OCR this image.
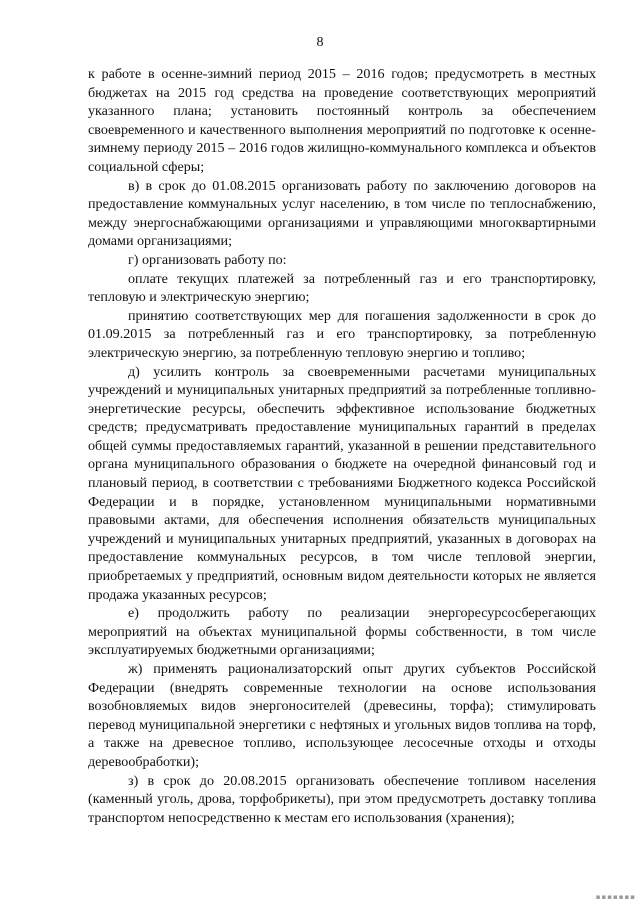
8

к работе в осенне-зимний период 2015 – 2016 годов; предусмотреть в местных бюджетах на 2015 год средства на проведение соответствующих мероприятий указанного плана; установить постоянный контроль за обеспечением своевременного и качественного выполнения мероприятий по подготовке к осенне-зимнему периоду 2015 – 2016 годов жилищно-коммунального комплекса и объектов социальной сферы;

в) в срок до 01.08.2015 организовать работу по заключению договоров на предоставление коммунальных услуг населению, в том числе по теплоснабжению, между энергоснабжающими организациями и управляющими многоквартирными домами организациями;

г) организовать работу по:

оплате текущих платежей за потребленный газ и его транспортировку, тепловую и электрическую энергию;

принятию соответствующих мер для погашения задолженности в срок до 01.09.2015 за потребленный газ и его транспортировку, за потребленную электрическую энергию, за потребленную тепловую энергию и топливо;

д) усилить контроль за своевременными расчетами муниципальных учреждений и муниципальных унитарных предприятий за потребленные топливно-энергетические ресурсы, обеспечить эффективное использование бюджетных средств; предусматривать предоставление муниципальных гарантий в пределах общей суммы предоставляемых гарантий, указанной в решении представительного органа муниципального образования о бюджете на очередной финансовый год и плановый период, в соответствии с требованиями Бюджетного кодекса Российской Федерации и в порядке, установленном муниципальными нормативными правовыми актами, для обеспечения исполнения обязательств муниципальных учреждений и муниципальных унитарных предприятий, указанных в договорах на предоставление коммунальных ресурсов, в том числе тепловой энергии, приобретаемых у предприятий, основным видом деятельности которых не является продажа указанных ресурсов;

е) продолжить работу по реализации энергоресурсосберегающих мероприятий на объектах муниципальной формы собственности, в том числе эксплуатируемых бюджетными организациями;

ж) применять рационализаторский опыт других субъектов Российской Федерации (внедрять современные технологии на основе использования возобновляемых видов энергоносителей (древесины, торфа); стимулировать перевод муниципальной энергетики с нефтяных и угольных видов топлива на торф, а также на древесное топливо, использующее лесосечные отходы и отходы деревообработки);

з) в срок до 20.08.2015 организовать обеспечение топливом населения (каменный уголь, дрова, торфобрикеты), при этом предусмотреть доставку топлива транспортом непосредственно к местам его использования (хранения);

▪▪▪▪▪▪▪
